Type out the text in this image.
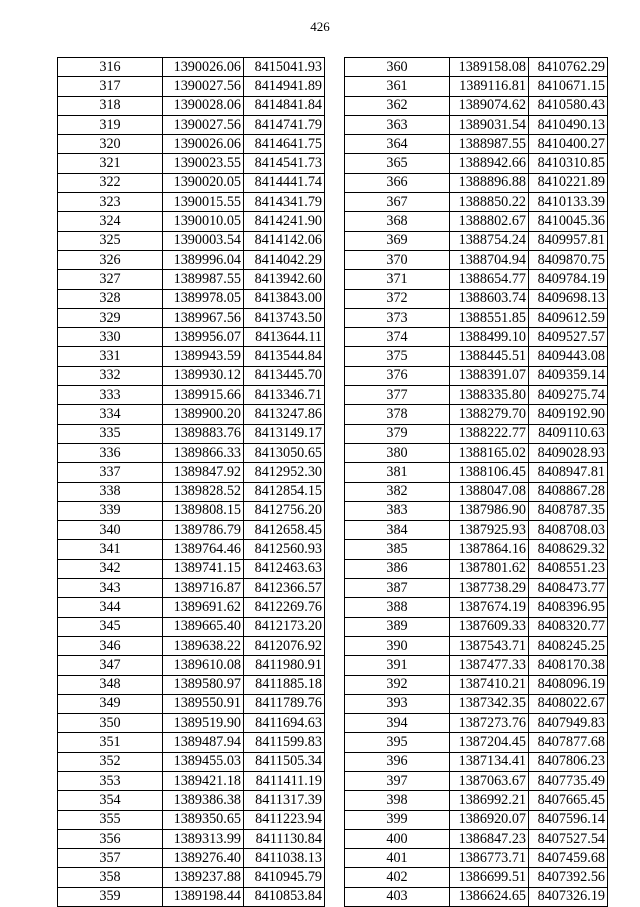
426
316	1390026.06	8415041.93
317	1390027.56	8414941.89
318	1390028.06	8414841.84
319	1390027.56	8414741.79
320	1390026.06	8414641.75
321	1390023.55	8414541.73
322	1390020.05	8414441.74
323	1390015.55	8414341.79
324	1390010.05	8414241.90
325	1390003.54	8414142.06
326	1389996.04	8414042.29
327	1389987.55	8413942.60
328	1389978.05	8413843.00
329	1389967.56	8413743.50
330	1389956.07	8413644.11
331	1389943.59	8413544.84
332	1389930.12	8413445.70
333	1389915.66	8413346.71
334	1389900.20	8413247.86
335	1389883.76	8413149.17
336	1389866.33	8413050.65
337	1389847.92	8412952.30
338	1389828.52	8412854.15
339	1389808.15	8412756.20
340	1389786.79	8412658.45
341	1389764.46	8412560.93
342	1389741.15	8412463.63
343	1389716.87	8412366.57
344	1389691.62	8412269.76
345	1389665.40	8412173.20
346	1389638.22	8412076.92
347	1389610.08	8411980.91
348	1389580.97	8411885.18
349	1389550.91	8411789.76
350	1389519.90	8411694.63
351	1389487.94	8411599.83
352	1389455.03	8411505.34
353	1389421.18	8411411.19
354	1389386.38	8411317.39
355	1389350.65	8411223.94
356	1389313.99	8411130.84
357	1389276.40	8411038.13
358	1389237.88	8410945.79
359	1389198.44	8410853.84
360	1389158.08	8410762.29
361	1389116.81	8410671.15
362	1389074.62	8410580.43
363	1389031.54	8410490.13
364	1388987.55	8410400.27
365	1388942.66	8410310.85
366	1388896.88	8410221.89
367	1388850.22	8410133.39
368	1388802.67	8410045.36
369	1388754.24	8409957.81
370	1388704.94	8409870.75
371	1388654.77	8409784.19
372	1388603.74	8409698.13
373	1388551.85	8409612.59
374	1388499.10	8409527.57
375	1388445.51	8409443.08
376	1388391.07	8409359.14
377	1388335.80	8409275.74
378	1388279.70	8409192.90
379	1388222.77	8409110.63
380	1388165.02	8409028.93
381	1388106.45	8408947.81
382	1388047.08	8408867.28
383	1387986.90	8408787.35
384	1387925.93	8408708.03
385	1387864.16	8408629.32
386	1387801.62	8408551.23
387	1387738.29	8408473.77
388	1387674.19	8408396.95
389	1387609.33	8408320.77
390	1387543.71	8408245.25
391	1387477.33	8408170.38
392	1387410.21	8408096.19
393	1387342.35	8408022.67
394	1387273.76	8407949.83
395	1387204.45	8407877.68
396	1387134.41	8407806.23
397	1387063.67	8407735.49
398	1386992.21	8407665.45
399	1386920.07	8407596.14
400	1386847.23	8407527.54
401	1386773.71	8407459.68
402	1386699.51	8407392.56
403	1386624.65	8407326.19
